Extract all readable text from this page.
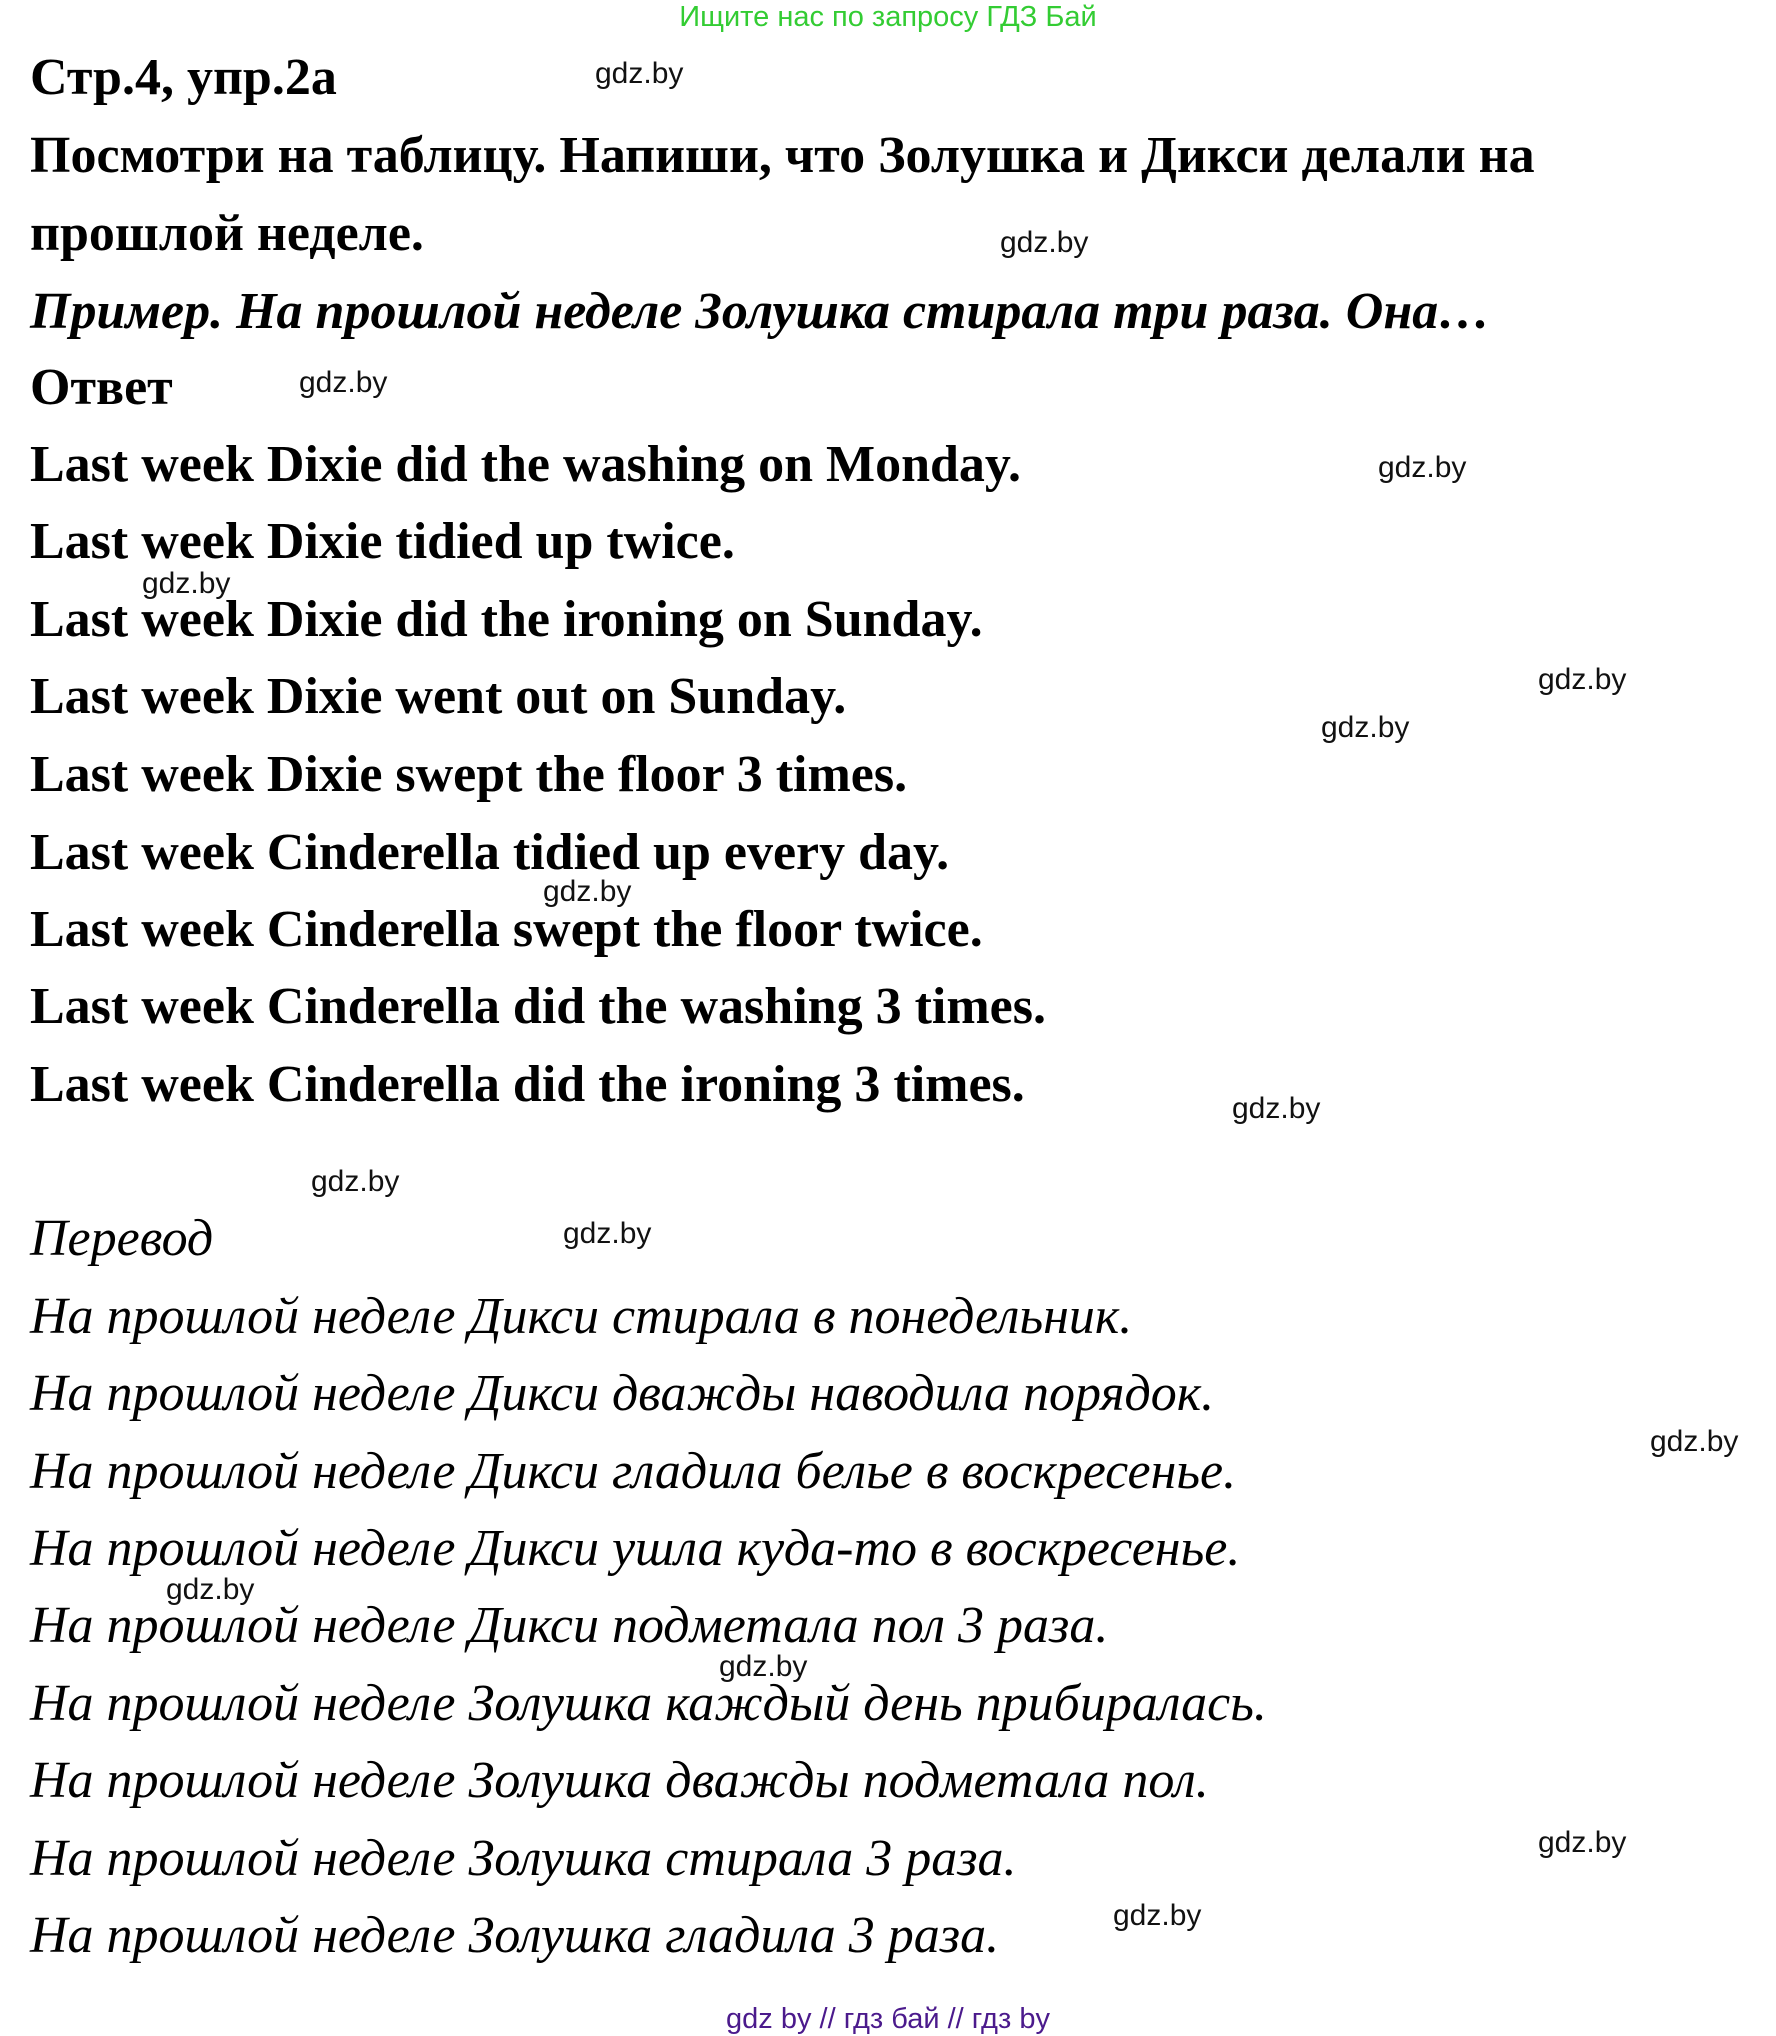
Ищите нас по запросу ГДЗ Бай
Стр.4, упр.2а
Посмотри на таблицу. Напиши, что Золушка и Дикси делали на
прошлой неделе.
Пример. На прошлой неделе Золушка стирала три раза. Она…
Ответ
Last week Dixie did the washing on Monday.
Last week Dixie tidied up twice.
Last week Dixie did the ironing on Sunday.
Last week Dixie went out on Sunday.
Last week Dixie swept the floor 3 times.
Last week Cinderella tidied up every day.
Last week Cinderella swept the floor twice.
Last week Cinderella did the washing 3 times.
Last week Cinderella did the ironing 3 times.
Перевод
На прошлой неделе Дикси стирала в понедельник.
На прошлой неделе Дикси дважды наводила порядок.
На прошлой неделе Дикси гладила белье в воскресенье.
На прошлой неделе Дикси ушла куда-то в воскресенье.
На прошлой неделе Дикси подметала пол 3 раза.
На прошлой неделе Золушка каждый день прибиралась.
На прошлой неделе Золушка дважды подметала пол.
На прошлой неделе Золушка стирала 3 раза.
На прошлой неделе Золушка гладила 3 раза.
gdz.by
gdz.by
gdz.by
gdz.by
gdz.by
gdz.by
gdz.by
gdz.by
gdz.by
gdz.by
gdz.by
gdz.by
gdz.by
gdz.by
gdz.by
gdz.by
gdz by // гдз бай // гдз by
